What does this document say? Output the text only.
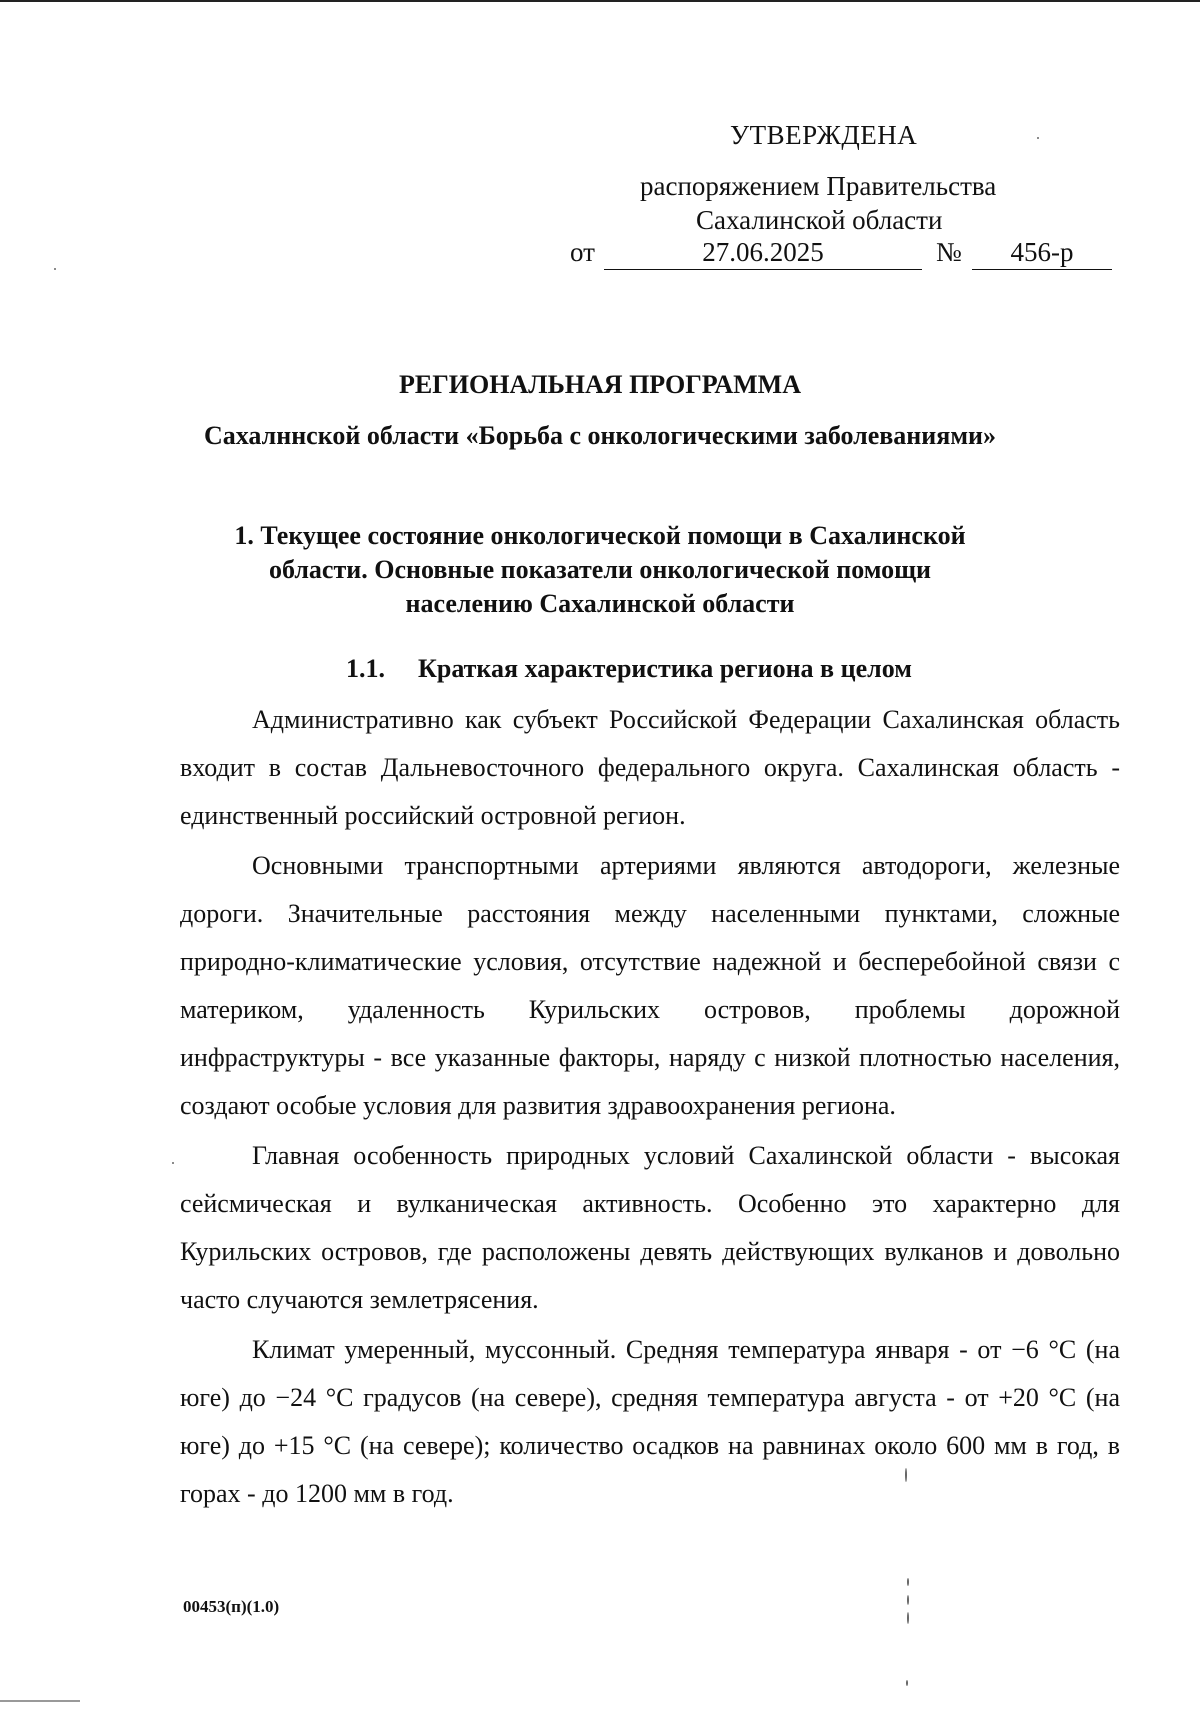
УТВЕРЖДЕНА
распоряжением Правительства
Сахалинской области
от	27.06.2025	№	456-р
РЕГИОНАЛЬНАЯ ПРОГРАММА
Сахалннской области «Борьба с онкологическими заболеваниями»
1. Текущее состояние онкологической помощи в Сахалинской
области. Основные показатели онкологической помощи
населению Сахалинской области
1.1. Краткая характеристика региона в целом

Административно как субъект Российской Федерации Сахалинская область входит в состав Дальневосточного федерального округа. Сахалинская область - единственный российский островной регион.

Основными транспортными артериями являются автодороги, железные дороги. Значительные расстояния между населенными пунктами, сложные природно-климатические условия, отсутствие надежной и бесперебойной связи с материком, удаленность Курильских островов, проблемы дорожной инфраструктуры - все указанные факторы, наряду с низкой плотностью населения, создают особые условия для развития здравоохранения региона.

Главная особенность природных условий Сахалинской области - высокая сейсмическая и вулканическая активность. Особенно это характерно для Курильских островов, где расположены девять действующих вулканов и довольно часто случаются землетрясения.

Климат умеренный, муссонный. Средняя температура января - от −6 °С (на юге) до −24 °С градусов (на севере), средняя температура августа - от +20 °С (на юге) до +15 °С (на севере); количество осадков на равнинах около 600 мм в год, в горах - до 1200 мм в год.

00453(п)(1.0)
